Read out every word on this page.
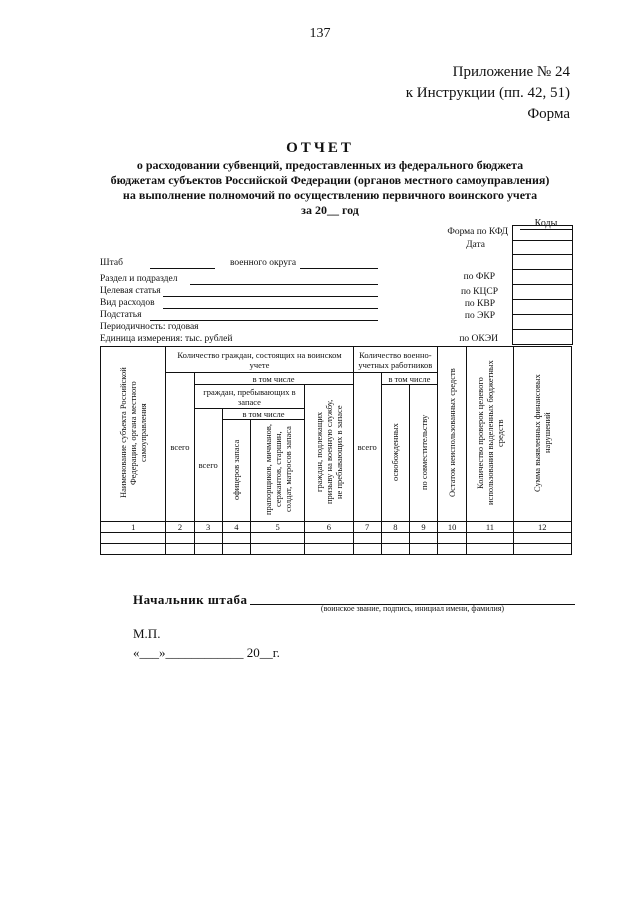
137
Приложение № 24
к Инструкции (пп. 42, 51)
Форма
ОТЧЕТ
о расходовании субвенций, предоставленных из федерального бюджета
бюджетам субъектов Российской Федерации (органов местного самоуправления)
на выполнение полномочий по осуществлению первичного воинского учета
за 20__ год
Коды
Форма по КФД
Дата
Штаб	военного округа
Раздел и подраздел
Целевая статья
Вид расходов
Подстатья
Периодичность: годовая
Единица измерения: тыс. рублей
по ФКР
по КЦСР
по КВР
по ЭКР
по ОКЭИ
Наименование субъекта Российской Федерации, органа местного самоуправления	Количество граждан, состоящих на воинском учете					Количество военно-учетных работников			Остаток неиспользованных средств	Количество проверок целевого использования выделенных бюджетных средств	Сумма выявленных финансовых нарушений
	всего	в том числе				всего	в том числе				
		граждан, пребывающих в запасе			граждан, подлежащих призыву на военную службу, не пребывающих в запасе		освобожденных	по совместительству			
		всего	в том числе								
			офицеров запаса	прапорщиков, мичманов, сержантов, старшин, солдат, матросов запаса							
1	2	3	4	5	6	7	8	9	10	11	12

Начальник штаба
(воинское звание, подпись, инициал имени, фамилия)
М.П.
«___»____________ 20__г.
